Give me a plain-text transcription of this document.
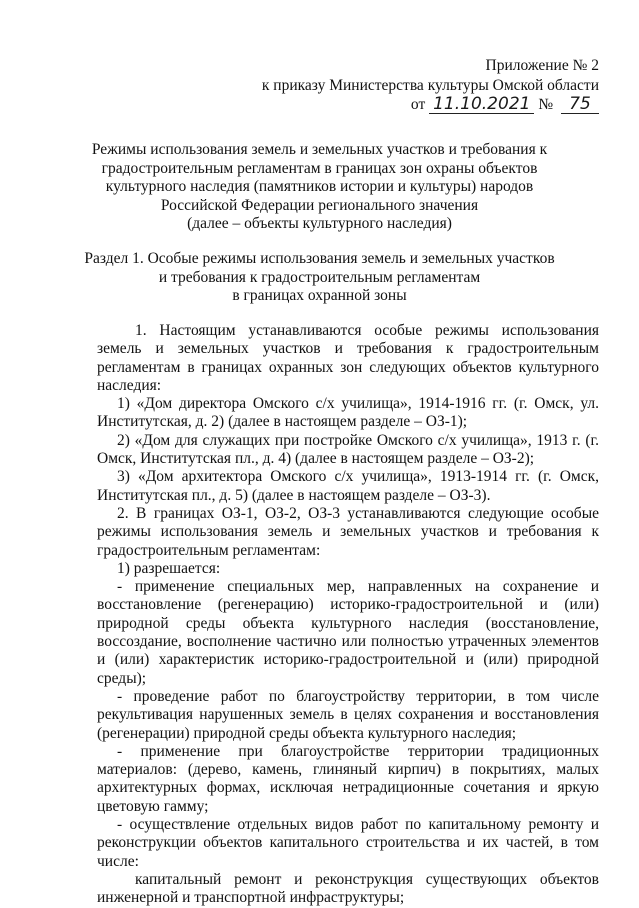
Приложение № 2
к приказу Министерства культуры Омской области
от 11.10.2021 № 75
Режимы использования земель и земельных участков и требования к
градостроительным регламентам в границах зон охраны объектов
культурного наследия (памятников истории и культуры) народов
Российской Федерации регионального значения
(далее – объекты культурного наследия)
Раздел 1. Особые режимы использования земель и земельных участков
и требования к градостроительным регламентам
в границах охранной зоны

1. Настоящим устанавливаются особые режимы использования земель и земельных участков и требования к градостроительным регламентам в границах охранных зон следующих объектов культурного наследия:

1) «Дом директора Омского с/х училища», 1914-1916 гг. (г. Омск, ул. Институтская, д. 2) (далее в настоящем разделе – ОЗ-1);

2) «Дом для служащих при постройке Омского с/х училища», 1913 г. (г. Омск, Институтская пл., д. 4) (далее в настоящем разделе – ОЗ-2);

3) «Дом архитектора Омского с/х училища», 1913-1914 гг. (г. Омск, Институтская пл., д. 5) (далее в настоящем разделе – ОЗ-3).

2. В границах ОЗ-1, ОЗ-2, ОЗ-3 устанавливаются следующие особые режимы использования земель и земельных участков и требования к градостроительным регламентам:

1) разрешается:

- применение специальных мер, направленных на сохранение и восстановление (регенерацию) историко-градостроительной и (или) природной среды объекта культурного наследия (восстановление, воссоздание, восполнение частично или полностью утраченных элементов и (или) характеристик историко-градостроительной и (или) природной среды);

- проведение работ по благоустройству территории, в том числе рекультивация нарушенных земель в целях сохранения и восстановления (регенерации) природной среды объекта культурного наследия;

- применение при благоустройстве территории традиционных материалов: (дерево, камень, глиняный кирпич) в покрытиях, малых архитектурных формах, исключая нетрадиционные сочетания и яркую цветовую гамму;

- осуществление отдельных видов работ по капитальному ремонту и реконструкции объектов капитального строительства и их частей, в том числе:

капитальный ремонт и реконструкция существующих объектов инженерной и транспортной инфраструктуры;
